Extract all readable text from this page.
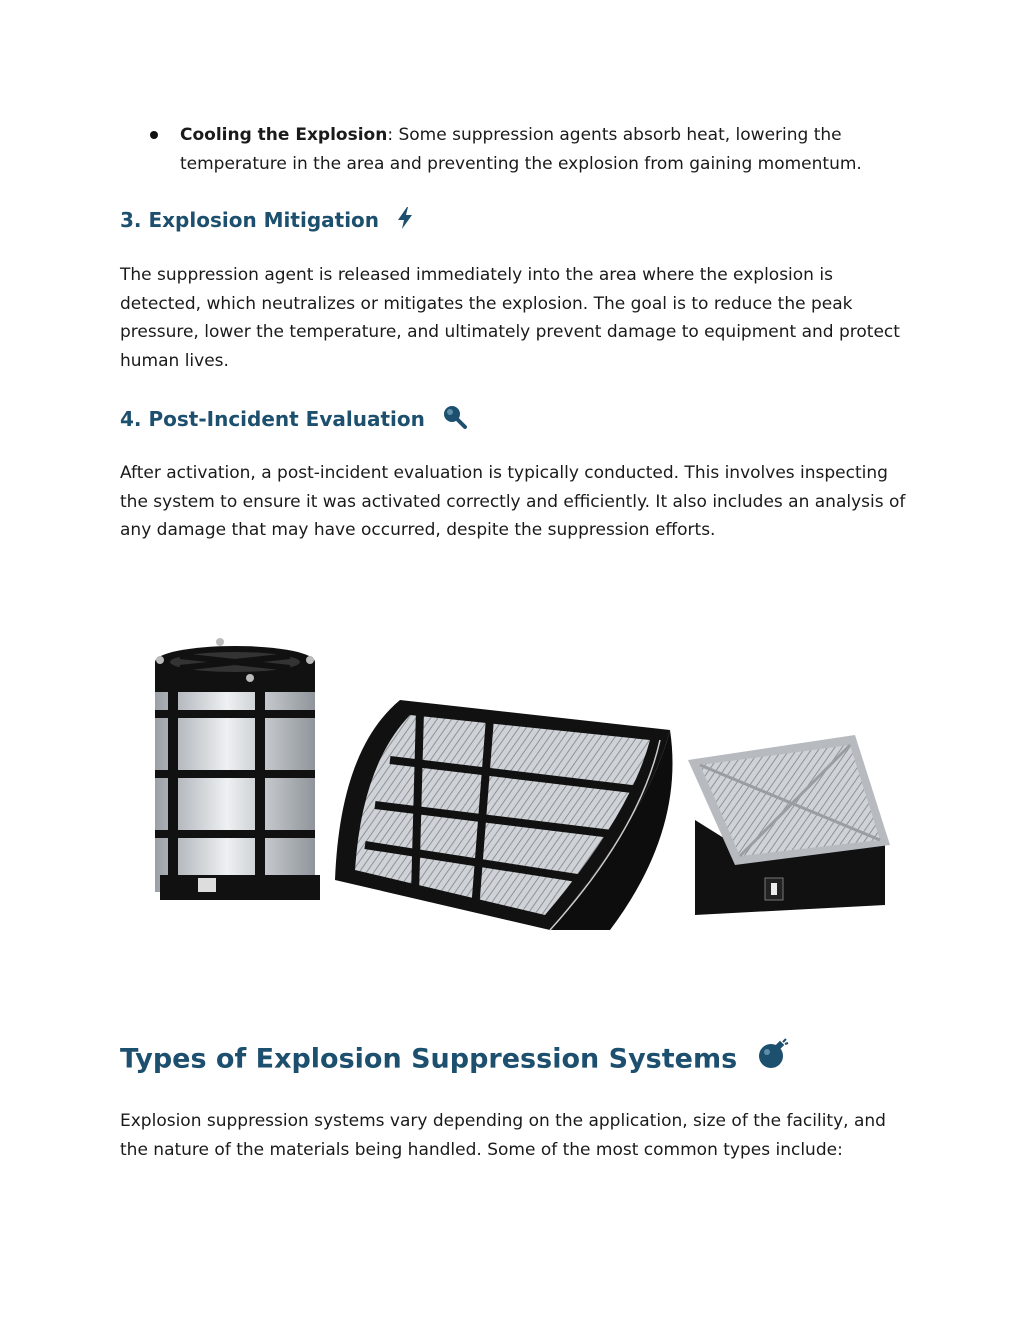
Cooling the Explosion: Some suppression agents absorb heat, lowering the temperature in the area and preventing the explosion from gaining momentum.
3. Explosion Mitigation
The suppression agent is released immediately into the area where the explosion is detected, which neutralizes or mitigates the explosion. The goal is to reduce the peak pressure, lower the temperature, and ultimately prevent damage to equipment and protect human lives.
4. Post-Incident Evaluation
After activation, a post-incident evaluation is typically conducted. This involves inspecting the system to ensure it was activated correctly and efficiently. It also includes an analysis of any damage that may have occurred, despite the suppression efforts.
Types of Explosion Suppression Systems
Explosion suppression systems vary depending on the application, size of the facility, and the nature of the materials being handled. Some of the most common types include:
